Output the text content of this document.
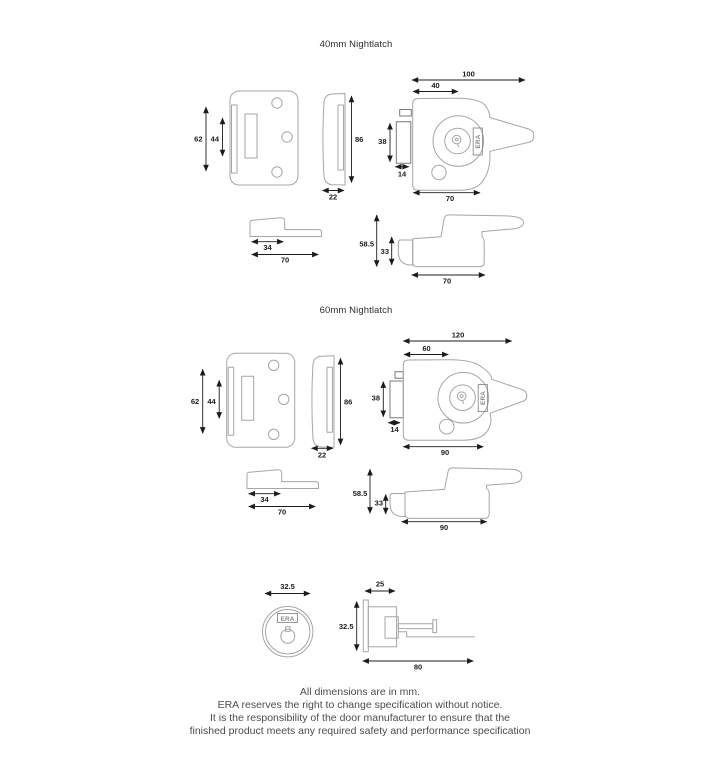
40mm Nightlatch
60mm Nightlatch
62 44	86
22
100
40
ERA
38
14
70
34
70
58.5
33
70
62 44	86
22
120
60
ERA
38
14
90
34
70
58.5
33
90
32.5
ERA
25
32.5
80
All dimensions are in mm.
ERA reserves the right to change specification without notice.
It is the responsibility of the door manufacturer to ensure that the
finished product meets any required safety and performance specification
